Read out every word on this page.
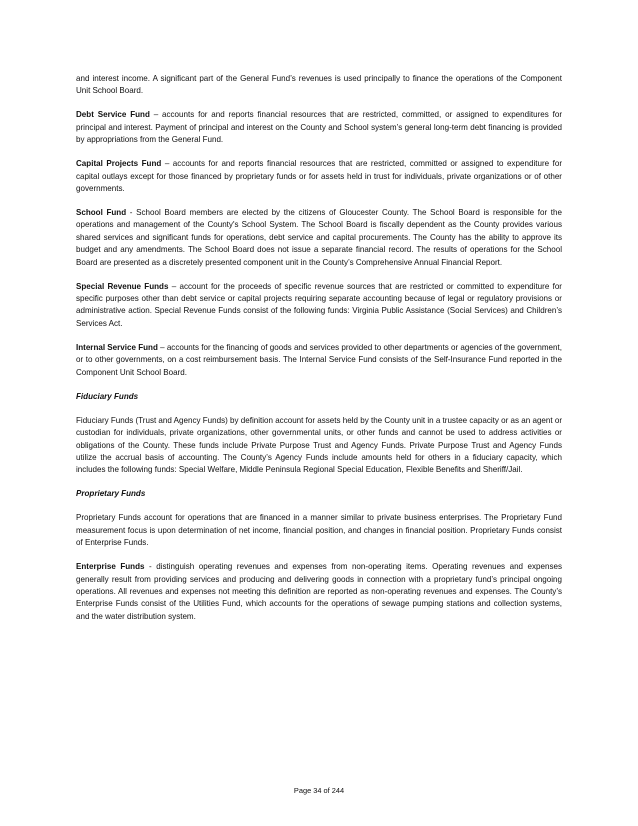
and interest income. A significant part of the General Fund’s revenues is used principally to finance the operations of the Component Unit School Board.

Debt Service Fund – accounts for and reports financial resources that are restricted, committed, or assigned to expenditures for principal and interest. Payment of principal and interest on the County and School system’s general long-term debt financing is provided by appropriations from the General Fund.

Capital Projects Fund – accounts for and reports financial resources that are restricted, committed or assigned to expenditure for capital outlays except for those financed by proprietary funds or for assets held in trust for individuals, private organizations or of other governments.

School Fund - School Board members are elected by the citizens of Gloucester County. The School Board is responsible for the operations and management of the County's School System. The School Board is fiscally dependent as the County provides various shared services and significant funds for operations, debt service and capital procurements. The County has the ability to approve its budget and any amendments. The School Board does not issue a separate financial record. The results of operations for the School Board are presented as a discretely presented component unit in the County’s Comprehensive Annual Financial Report.

Special Revenue Funds – account for the proceeds of specific revenue sources that are restricted or committed to expenditure for specific purposes other than debt service or capital projects requiring separate accounting because of legal or regulatory provisions or administrative action. Special Revenue Funds consist of the following funds: Virginia Public Assistance (Social Services) and Children’s Services Act.

Internal Service Fund – accounts for the financing of goods and services provided to other departments or agencies of the government, or to other governments, on a cost reimbursement basis. The Internal Service Fund consists of the Self-Insurance Fund reported in the Component Unit School Board.

Fiduciary Funds

Fiduciary Funds (Trust and Agency Funds) by definition account for assets held by the County unit in a trustee capacity or as an agent or custodian for individuals, private organizations, other governmental units, or other funds and cannot be used to address activities or obligations of the County. These funds include Private Purpose Trust and Agency Funds. Private Purpose Trust and Agency Funds utilize the accrual basis of accounting. The County’s Agency Funds include amounts held for others in a fiduciary capacity, which includes the following funds: Special Welfare, Middle Peninsula Regional Special Education, Flexible Benefits and Sheriff/Jail.

Proprietary Funds

Proprietary Funds account for operations that are financed in a manner similar to private business enterprises. The Proprietary Fund measurement focus is upon determination of net income, financial position, and changes in financial position. Proprietary Funds consist of Enterprise Funds.

Enterprise Funds - distinguish operating revenues and expenses from non-operating items. Operating revenues and expenses generally result from providing services and producing and delivering goods in connection with a proprietary fund’s principal ongoing operations. All revenues and expenses not meeting this definition are reported as non-operating revenues and expenses. The County’s Enterprise Funds consist of the Utilities Fund, which accounts for the operations of sewage pumping stations and collection systems, and the water distribution system.

Page 34 of 244
